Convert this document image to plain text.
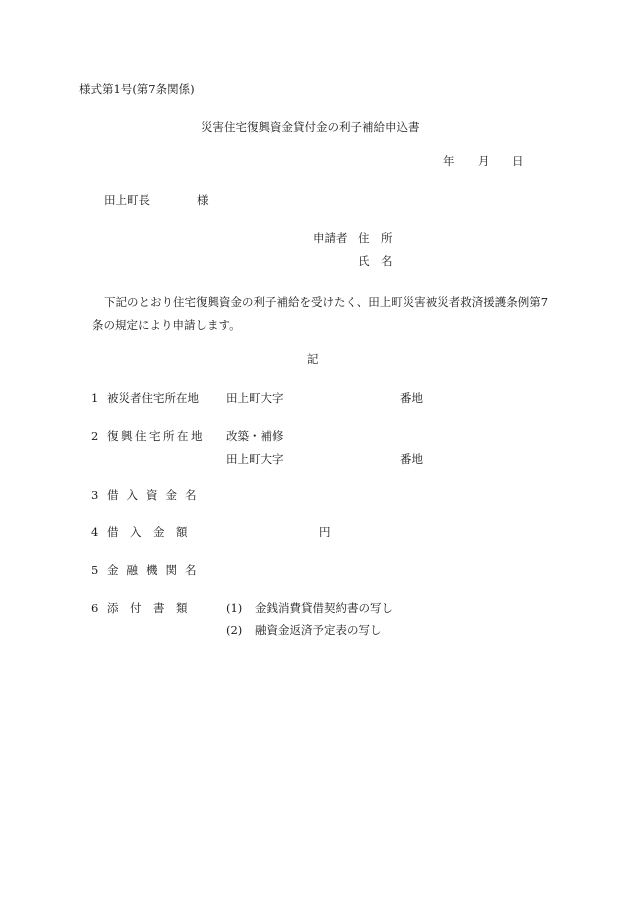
様式第1号(第7条関係)
災害住宅復興資金貸付金の利子補給申込書
年 月 日
田上町長	様
申請者 住　所
氏　名
下記のとおり住宅復興資金の利子補給を受けたく、田上町災害被災者救済援護条例第7
条の規定により申請します。
記
1 被災者住宅所在地 田上町大字	番地
2 復興住宅所在地 改築・補修
田上町大字	番地
3 借入資金名
4 借　入　金　額	円
5 金融機関名
6 添　付　書　類	(1) 金銭消費貸借契約書の写し
(2) 融資金返済予定表の写し
